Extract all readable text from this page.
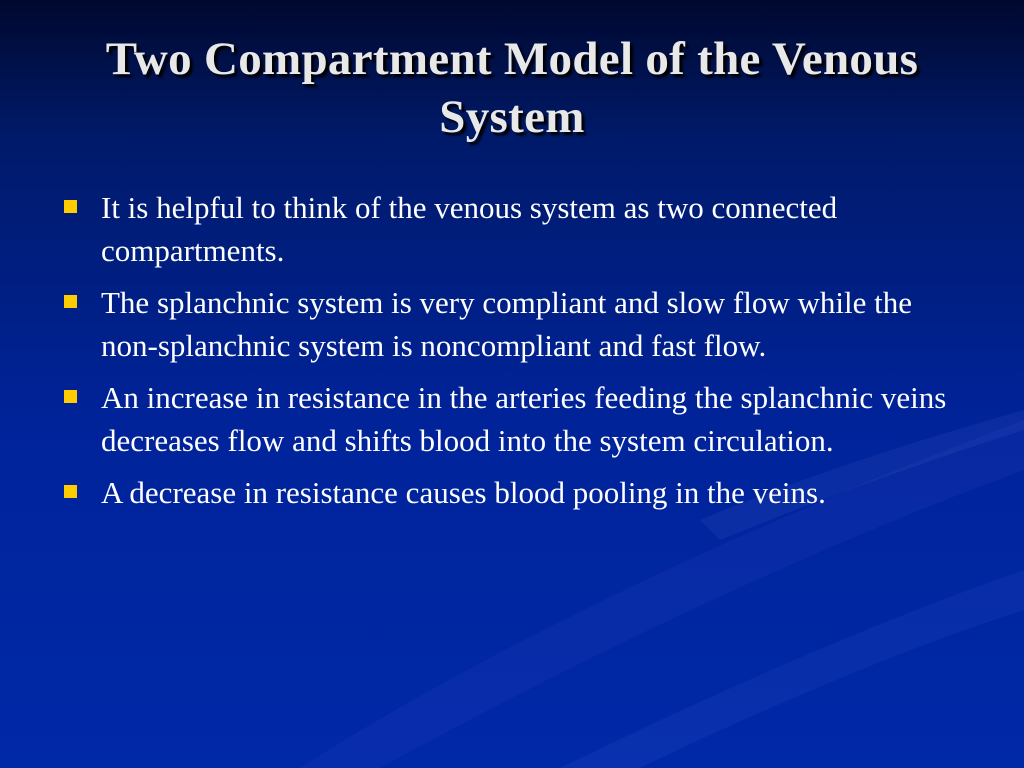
Two Compartment Model of the Venous System
It is helpful to think of the venous system as two connected compartments.
The splanchnic system is very compliant and slow flow while the non-splanchnic system is noncompliant and fast flow.
An increase in resistance in the arteries feeding the splanchnic veins decreases flow and shifts blood into the system circulation.
A decrease in resistance causes blood pooling in the veins.
